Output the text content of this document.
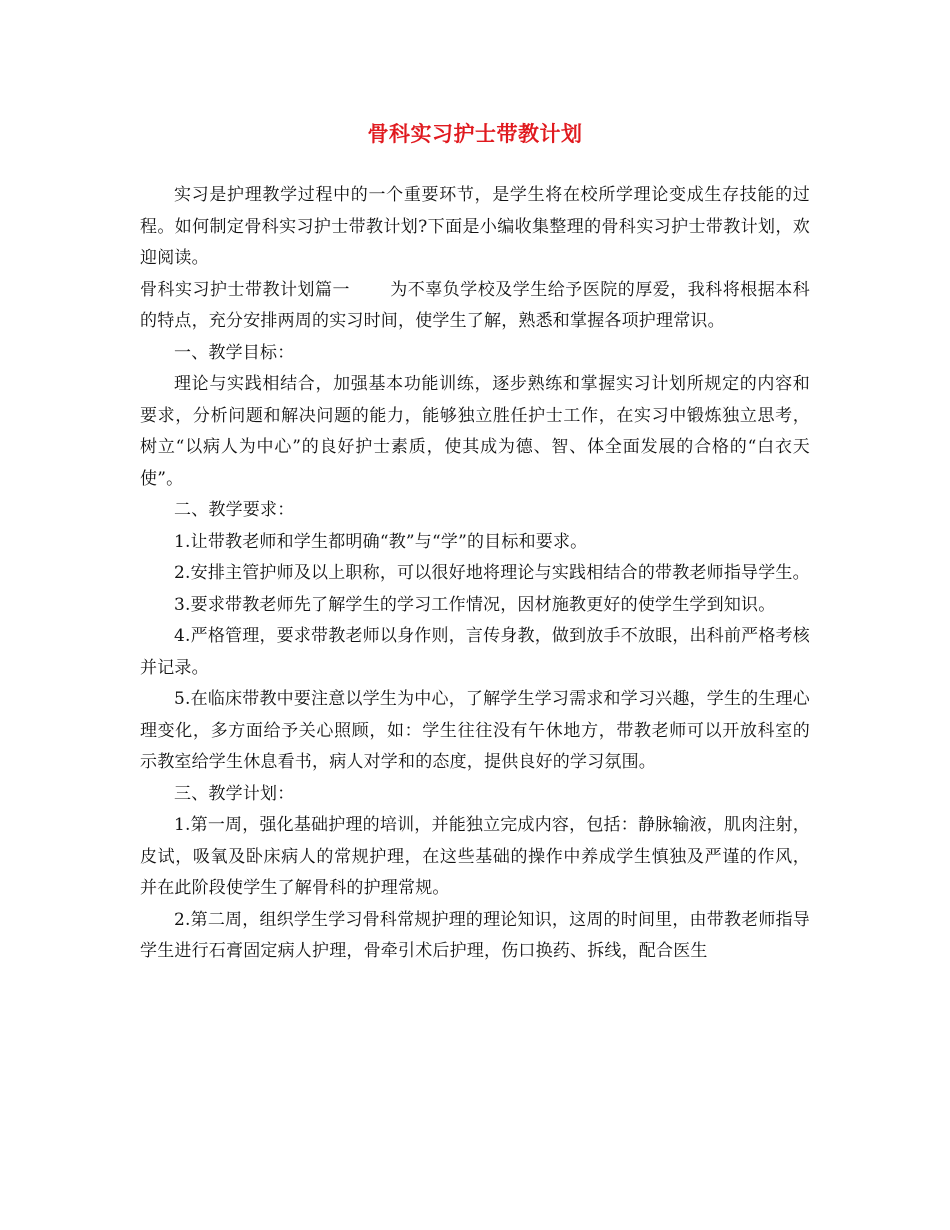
骨科实习护士带教计划

实习是护理教学过程中的一个重要环节，是学生将在校所学理论变成生存技能的过程。如何制定骨科实习护士带教计划?下面是小编收集整理的骨科实习护士带教计划，欢迎阅读。

骨科实习护士带教计划篇一 为不辜负学校及学生给予医院的厚爱，我科将根据本科的特点，充分安排两周的实习时间，使学生了解，熟悉和掌握各项护理常识。

一、教学目标：

理论与实践相结合，加强基本功能训练，逐步熟练和掌握实习计划所规定的内容和要求，分析问题和解决问题的能力，能够独立胜任护士工作，在实习中锻炼独立思考，树立“以病人为中心”的良好护士素质，使其成为德、智、体全面发展的合格的“白衣天使”。

二、教学要求：

1.让带教老师和学生都明确“教”与“学”的目标和要求。

2.安排主管护师及以上职称，可以很好地将理论与实践相结合的带教老师指导学生。

3.要求带教老师先了解学生的学习工作情况，因材施教更好的使学生学到知识。

4.严格管理，要求带教老师以身作则，言传身教，做到放手不放眼，出科前严格考核并记录。

5.在临床带教中要注意以学生为中心，了解学生学习需求和学习兴趣，学生的生理心理变化，多方面给予关心照顾，如：学生往往没有午休地方，带教老师可以开放科室的示教室给学生休息看书，病人对学和的态度，提供良好的学习氛围。

三、教学计划：

1.第一周，强化基础护理的培训，并能独立完成内容，包括：静脉输液，肌肉注射，皮试，吸氧及卧床病人的常规护理，在这些基础的操作中养成学生慎独及严谨的作风，并在此阶段使学生了解骨科的护理常规。

2.第二周，组织学生学习骨科常规护理的理论知识，这周的时间里，由带教老师指导学生进行石膏固定病人护理，骨牵引术后护理，伤口换药、拆线，配合医生
